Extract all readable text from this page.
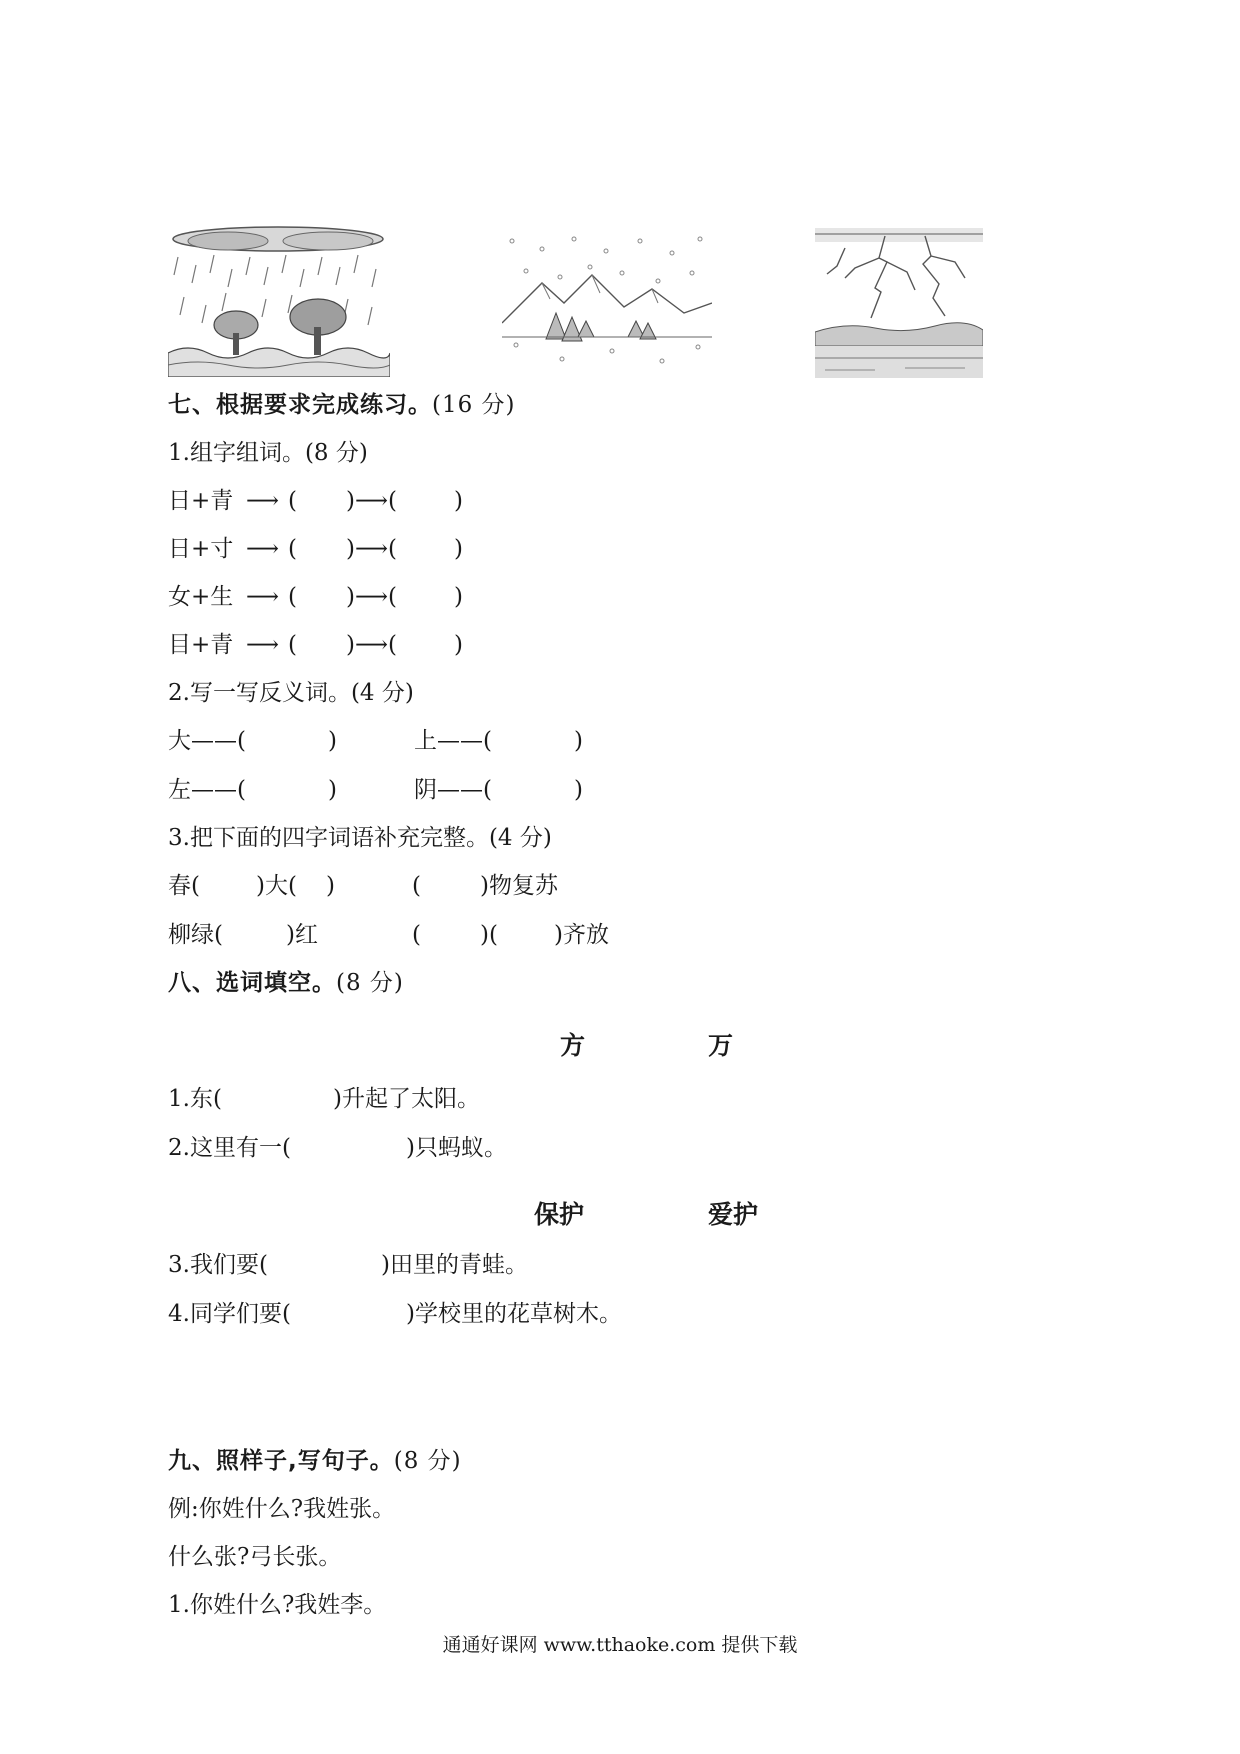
七、根据要求完成练习。(16 分)
1.组字组词。(8 分)
日+青 ⟶ ( )⟶( )
日+寸 ⟶ ( )⟶( )
女+生 ⟶ ( )⟶( )
目+青 ⟶ ( )⟶( )
2.写一写反义词。(4 分)
大——(	)	上——(	)
左——(	)	阴——(	)
3.把下面的四字词语补充完整。(4 分)
春( )大( )	(	)物复苏
柳绿(	)红	(	)( )齐放
八、选词填空。(8 分)
方	万
1.东(	)升起了太阳。
2.这里有一(	)只蚂蚁。
保护	爱护
3.我们要(	)田里的青蛙。
4.同学们要(	)学校里的花草树木。
九、照样子,写句子。(8 分)
例:你姓什么?我姓张。
什么张?弓长张。
1.你姓什么?我姓李。
通通好课网 www.tthaoke.com 提供下载
